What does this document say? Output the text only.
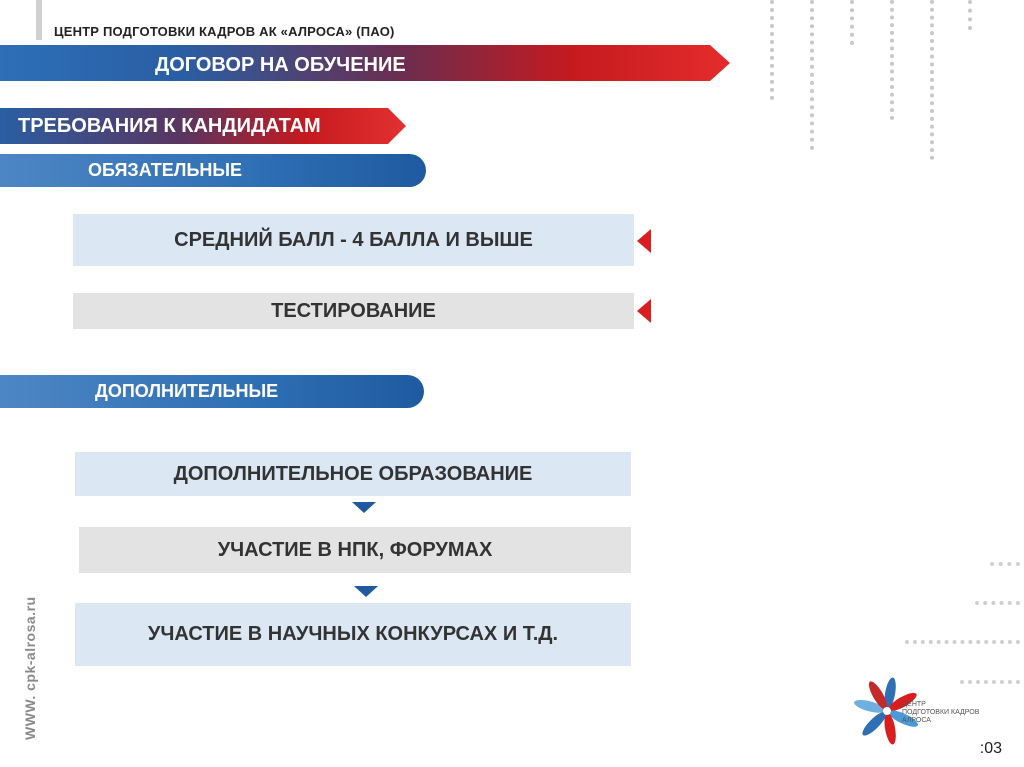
ЦЕНТР ПОДГОТОВКИ КАДРОВ АК «АЛРОСА» (ПАО)
ДОГОВОР НА ОБУЧЕНИЕ
ТРЕБОВАНИЯ К КАНДИДАТАМ
ОБЯЗАТЕЛЬНЫЕ
СРЕДНИЙ БАЛЛ - 4 БАЛЛА И ВЫШЕ
ТЕСТИРОВАНИЕ
ДОПОЛНИТЕЛЬНЫЕ
ДОПОЛНИТЕЛЬНОЕ ОБРАЗОВАНИЕ
УЧАСТИЕ В НПК, ФОРУМАХ
УЧАСТИЕ В НАУЧНЫХ КОНКУРСАХ И Т.Д.
WWW. cpk-alrosa.ru	ЦЕНТР
ПОДГОТОВКИ КАДРОВ
АЛРОСА
:03
